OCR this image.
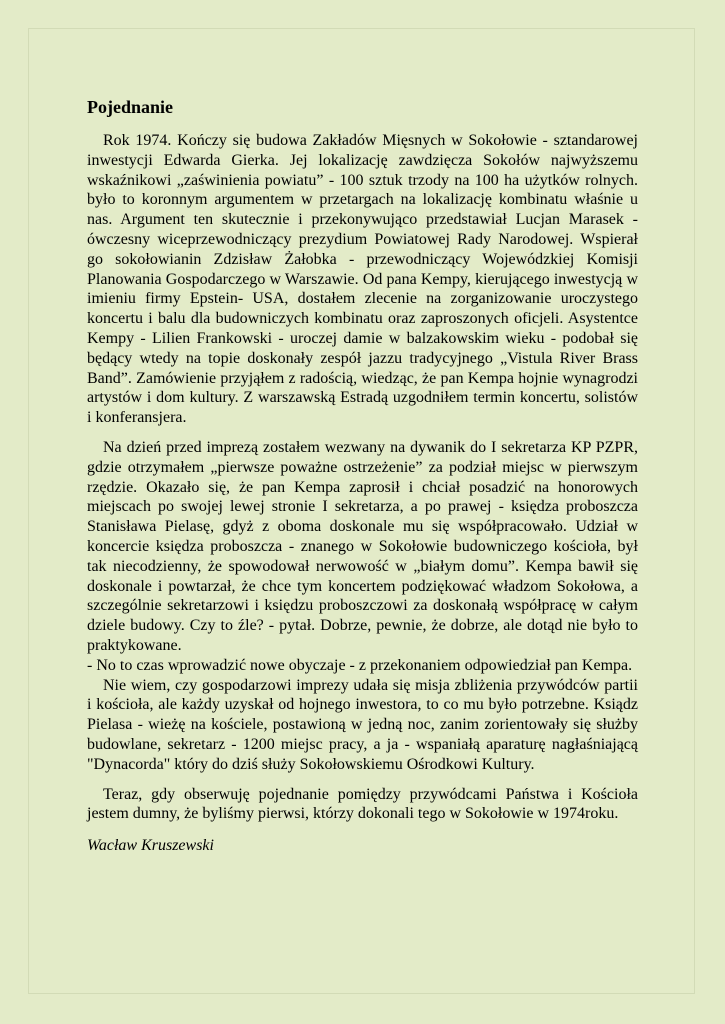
Pojednanie

Rok 1974. Kończy się budowa Zakładów Mięsnych w Sokołowie - sztandarowej inwestycji Edwarda Gierka. Jej lokalizację zawdzięcza Sokołów najwyższemu wskaźnikowi „zaświnienia powiatu” - 100 sztuk trzody na 100 ha użytków rolnych. było to koronnym argumentem w przetargach na lokalizację kombinatu właśnie u nas. Argument ten skutecznie i przekonywująco przedstawiał Lucjan Marasek - ówczesny wiceprzewodniczący prezydium Powiatowej Rady Narodowej. Wspierał go sokołowianin Zdzisław Żałobka - przewodniczący Wojewódzkiej Komisji Planowania Gospodarczego w Warszawie. Od pana Kempy, kierującego inwestycją w imieniu firmy Epstein- USA, dostałem zlecenie na zorganizowanie uroczystego koncertu i balu dla budowniczych kombinatu oraz zaproszonych oficjeli. Asystentce Kempy - Lilien Frankowski - uroczej damie w balzakowskim wieku - podobał się będący wtedy na topie doskonały zespół jazzu tradycyjnego „Vistula River Brass Band”. Zamówienie przyjąłem z radością, wiedząc, że pan Kempa hojnie wynagrodzi artystów i dom kultury. Z warszawską Estradą uzgodniłem termin koncertu, solistów i konferansjera.

Na dzień przed imprezą zostałem wezwany na dywanik do I sekretarza KP PZPR, gdzie otrzymałem „pierwsze poważne ostrzeżenie” za podział miejsc w pierwszym rzędzie. Okazało się, że pan Kempa zaprosił i chciał posadzić na honorowych miejscach po swojej lewej stronie I sekretarza, a po prawej - księdza proboszcza Stanisława Pielasę, gdyż z oboma doskonale mu się współpracowało. Udział w koncercie księdza proboszcza - znanego w Sokołowie budowniczego kościoła, był tak niecodzienny, że spowodował nerwowość w „białym domu”. Kempa bawił się doskonale i powtarzał, że chce tym koncertem podziękować władzom Sokołowa, a szczególnie sekretarzowi i księdzu proboszczowi za doskonałą współpracę w całym dziele budowy. Czy to źle? - pytał. Dobrze, pewnie, że dobrze, ale dotąd nie było to praktykowane.

- No to czas wprowadzić nowe obyczaje - z przekonaniem odpowiedział pan Kempa.

Nie wiem, czy gospodarzowi imprezy udała się misja zbliżenia przywódców partii i kościoła, ale każdy uzyskał od hojnego inwestora, to co mu było potrzebne. Ksiądz Pielasa - wieżę na kościele, postawioną w jedną noc, zanim zorientowały się służby budowlane, sekretarz - 1200 miejsc pracy, a ja - wspaniałą aparaturę nagłaśniającą "Dynacorda" który do dziś służy Sokołowskiemu Ośrodkowi Kultury.

Teraz, gdy obserwuję pojednanie pomiędzy przywódcami Państwa i Kościoła jestem dumny, że byliśmy pierwsi, którzy dokonali tego w Sokołowie w 1974roku.

Wacław Kruszewski
